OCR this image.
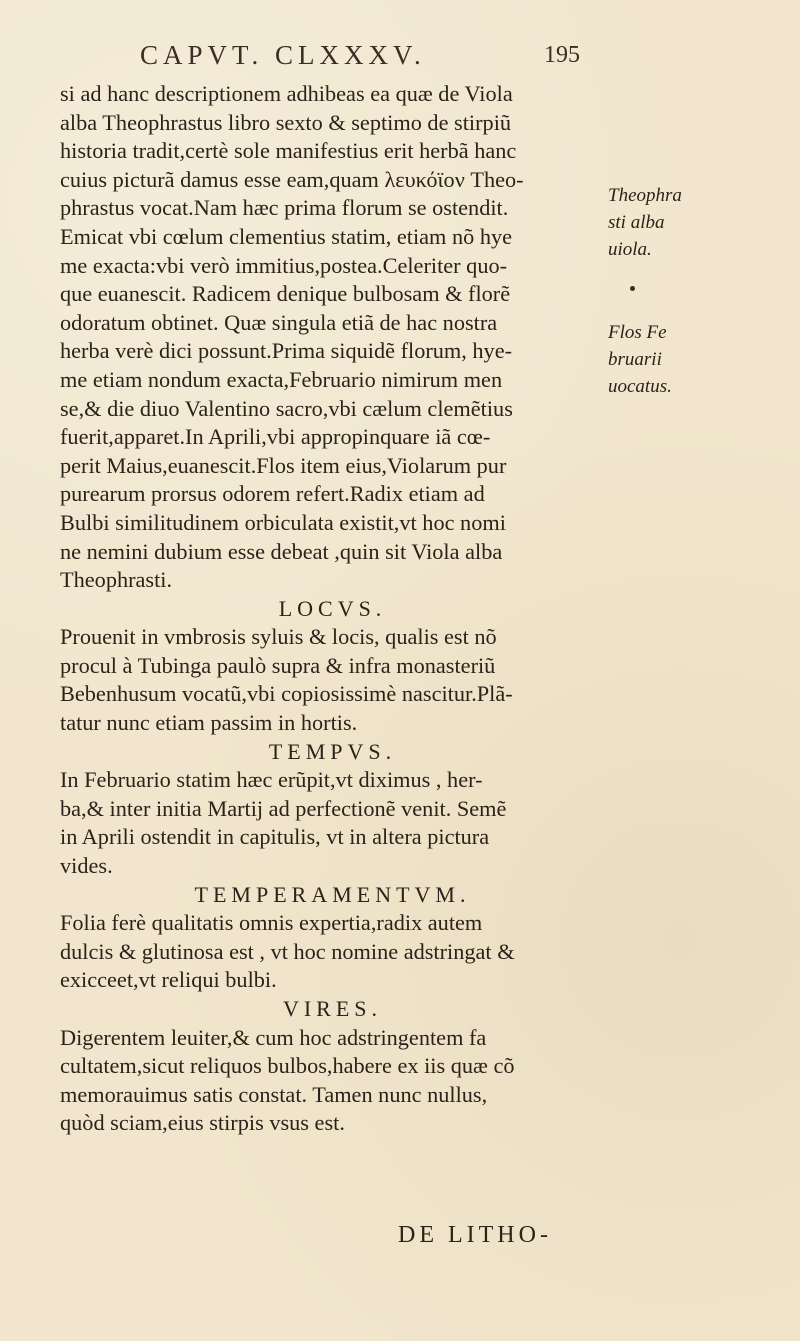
CAPVT. CLXXXV.	195
si ad hanc descriptionem adhibeas ea quæ de Viola
alba Theophrastus libro sexto & septimo de stirpiũ
historia tradit,certè sole manifestius erit herbã hanc
cuius picturã damus esse eam,quam λευκόϊον Theo-
phrastus vocat.Nam hæc prima florum se ostendit.
Emicat vbi cœlum clementius statim, etiam nõ hye
me exacta:vbi verò immitius,postea.Celeriter quo-
que euanescit. Radicem denique bulbosam & florẽ
odoratum obtinet. Quæ singula etiã de hac nostra
herba verè dici possunt.Prima siquidẽ florum, hye-
me etiam nondum exacta,Februario nimirum men
se,& die diuo Valentino sacro,vbi cælum clemẽtius
fuerit,apparet.In Aprili,vbi appropinquare iã cœ-
perit Maius,euanescit.Flos item eius,Violarum pur
purearum prorsus odorem refert.Radix etiam ad
Bulbi similitudinem orbiculata existit,vt hoc nomi
ne nemini dubium esse debeat ,quin sit Viola alba
Theophrasti.
LOCVS.
Prouenit in vmbrosis syluis & locis, qualis est nõ
procul à Tubinga paulò supra & infra monasteriũ
Bebenhusum vocatũ,vbi copiosissimè nascitur.Plã-
tatur nunc etiam passim in hortis.
TEMPVS.
In Februario statim hæc erũpit,vt diximus , her-
ba,& inter initia Martij ad perfectionẽ venit. Semẽ
in Aprili ostendit in capitulis, vt in altera pictura
vides.
TEMPERAMENTVM.
Folia ferè qualitatis omnis expertia,radix autem
dulcis & glutinosa est , vt hoc nomine adstringat &
exicceet,vt reliqui bulbi.
VIRES.
Digerentem leuiter,& cum hoc adstringentem fa
cultatem,sicut reliquos bulbos,habere ex iis quæ cõ
memorauimus satis constat. Tamen nunc nullus,
quòd sciam,eius stirpis vsus est.
Theophra
sti alba
uiola.
Flos Fe
bruarii
uocatus.
DE LITHO-
